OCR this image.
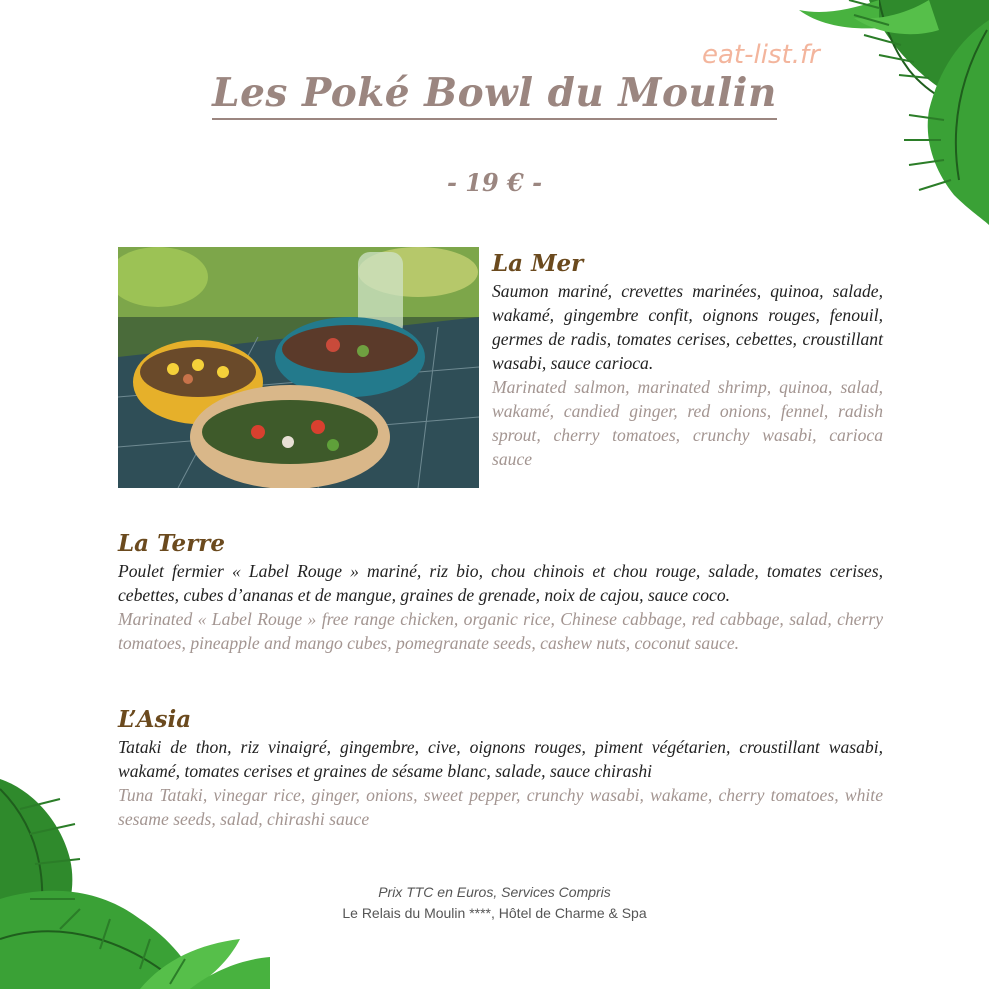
eat-list.fr
Les Poké Bowl du Moulin
- 19 € -
La Mer

Saumon mariné, crevettes marinées, quinoa, salade, wakamé, gingembre confit, oignons rouges, fenouil, germes de radis, tomates cerises, cebettes, croustillant wasabi, sauce carioca.

Marinated salmon, marinated shrimp, quinoa, salad, wakamé, candied ginger, red onions, fennel, radish sprout, cherry tomatoes, crunchy wasabi, carioca sauce

La Terre

Poulet fermier « Label Rouge » mariné, riz bio, chou chinois et chou rouge, salade, tomates cerises, cebettes, cubes d’ananas et de mangue, graines de grenade, noix de cajou, sauce coco.

Marinated « Label Rouge » free range chicken, organic rice, Chinese cabbage, red cabbage, salad, cherry tomatoes, pineapple and mango cubes, pomegranate seeds, cashew nuts, coconut sauce.

L’Asia

Tataki de thon, riz vinaigré, gingembre, cive, oignons rouges, piment végétarien, croustillant wasabi, wakamé, tomates cerises et graines de sésame blanc, salade, sauce chirashi

Tuna Tataki, vinegar rice, ginger, onions, sweet pepper, crunchy wasabi, wakame, cherry tomatoes, white sesame seeds, salad, chirashi sauce

Prix TTC en Euros, Services Compris
Le Relais du Moulin ****, Hôtel de Charme & Spa
